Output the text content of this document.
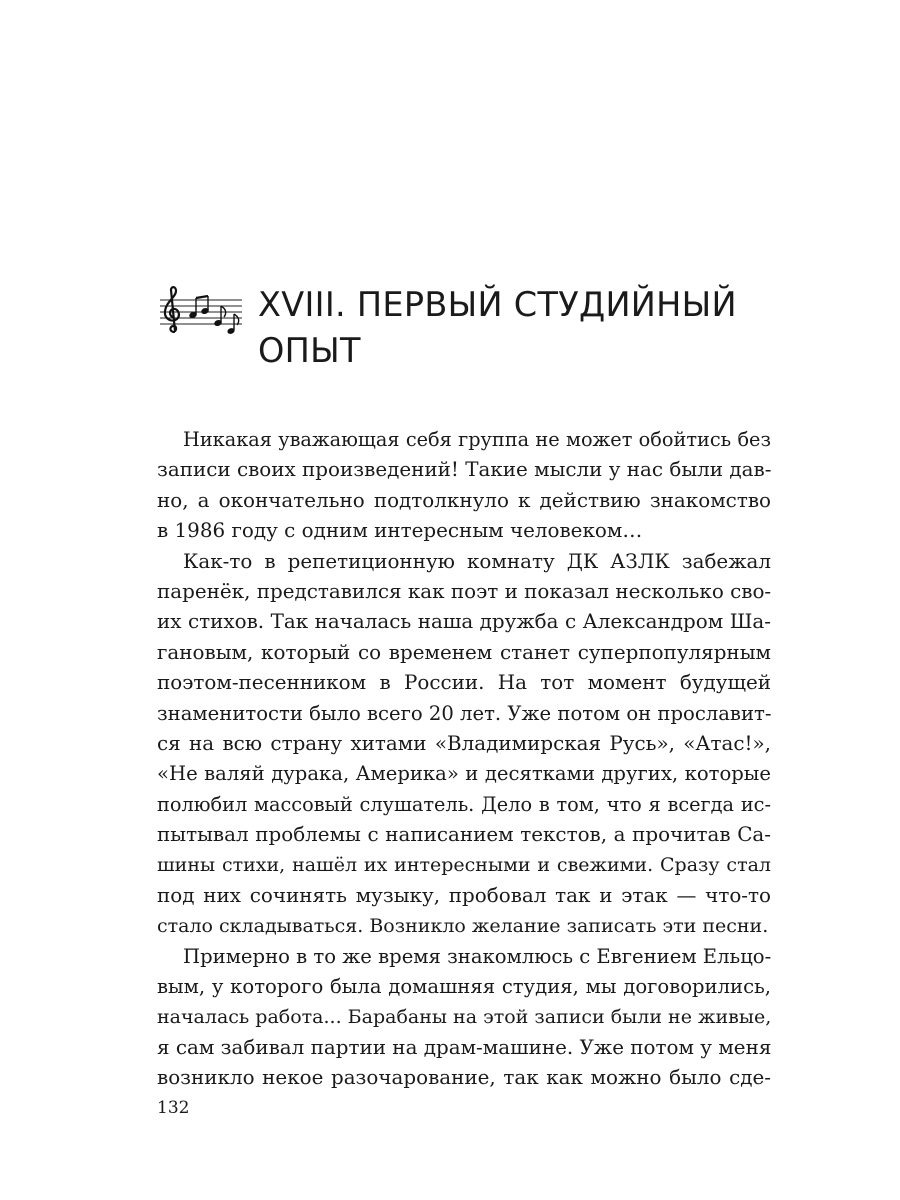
XVIII. ПЕРВЫЙ СТУДИЙНЫЙ
ОПЫТ

Никакая уважающая себя группа не может обойтись без
записи своих произведений! Такие мысли у нас были дав-
но, а окончательно подтолкнуло к действию знакомство
в 1986 году с одним интересным человеком…

Как-то в репетиционную комнату ДК АЗЛК забежал
паренёк, представился как поэт и показал несколько сво-
их стихов. Так началась наша дружба с Александром Ша-
гановым, который со временем станет суперпопулярным
поэтом-песенником в России. На тот момент будущей
знаменитости было всего 20 лет. Уже потом он прославит-
ся на всю страну хитами «Владимирская Русь», «Атас!»,
«Не валяй дурака, Америка» и десятками других, которые
полюбил массовый слушатель. Дело в том, что я всегда ис-
пытывал проблемы с написанием текстов, а прочитав Са-
шины стихи, нашёл их интересными и свежими. Сразу стал
под них сочинять музыку, пробовал так и этак — что-то
стало складываться. Возникло желание записать эти песни.

Примерно в то же время знакомлюсь с Евгением Ельцо-
вым, у которого была домашняя студия, мы договорились,
началась работа... Барабаны на этой записи были не живые,
я сам забивал партии на драм-машине. Уже потом у меня
возникло некое разочарование, так как можно было сде-

132
